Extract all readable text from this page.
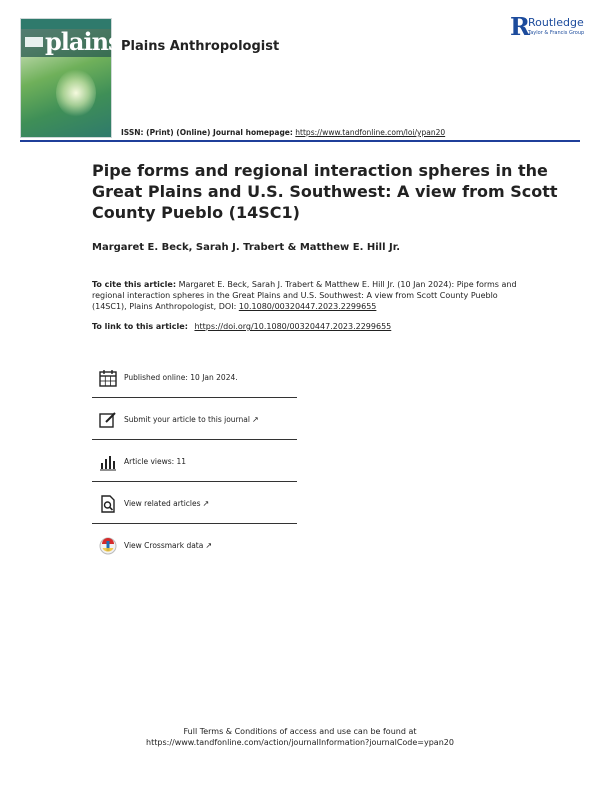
plains Plains Anthropologist
R
Routledge
Taylor & Francis Group
ISSN: (Print) (Online) Journal homepage: https://www.tandfonline.com/loi/ypan20
Pipe forms and regional interaction spheres in the Great Plains and U.S. Southwest: A view from Scott County Pueblo (14SC1)
Margaret E. Beck, Sarah J. Trabert & Matthew E. Hill Jr.
To cite this article: Margaret E. Beck, Sarah J. Trabert & Matthew E. Hill Jr. (10 Jan 2024): Pipe forms and regional interaction spheres in the Great Plains and U.S. Southwest: A view from Scott County Pueblo (14SC1), Plains Anthropologist, DOI: 10.1080/00320447.2023.2299655
To link to this article: https://doi.org/10.1080/00320447.2023.2299655
Published online: 10 Jan 2024.
Submit your article to this journal ↗
Article views: 11
View related articles ↗
View Crossmark data ↗
Full Terms & Conditions of access and use can be found at
https://www.tandfonline.com/action/journalInformation?journalCode=ypan20
